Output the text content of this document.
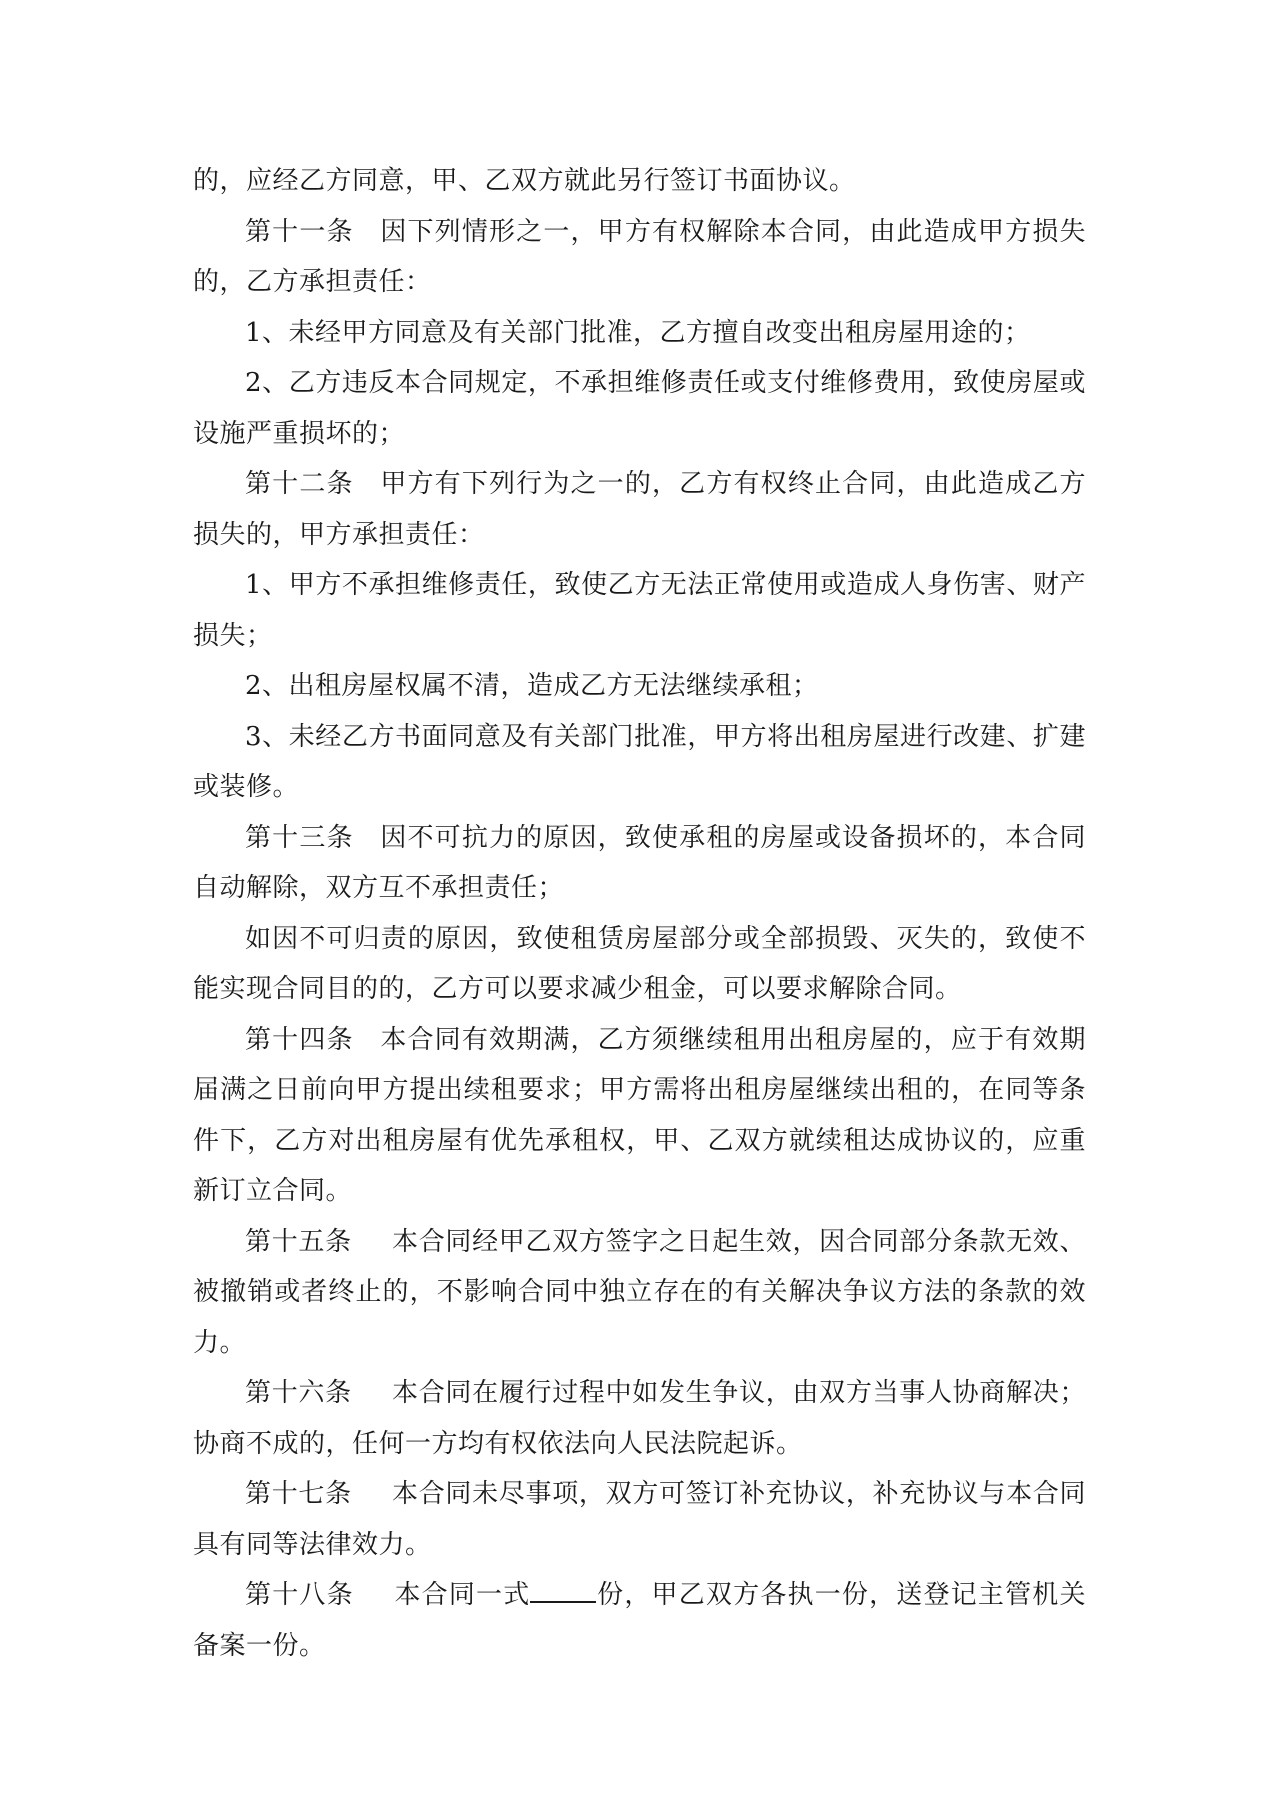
的，应经乙方同意，甲、乙双方就此另行签订书面协议。

第十一条 因下列情形之一，甲方有权解除本合同，由此造成甲方损失的，乙方承担责任：

1、未经甲方同意及有关部门批准，乙方擅自改变出租房屋用途的；

2、乙方违反本合同规定，不承担维修责任或支付维修费用，致使房屋或设施严重损坏的；

第十二条 甲方有下列行为之一的，乙方有权终止合同，由此造成乙方损失的，甲方承担责任：

1、甲方不承担维修责任，致使乙方无法正常使用或造成人身伤害、财产损失；

2、出租房屋权属不清，造成乙方无法继续承租；

3、未经乙方书面同意及有关部门批准，甲方将出租房屋进行改建、扩建或装修。

第十三条 因不可抗力的原因，致使承租的房屋或设备损坏的，本合同自动解除，双方互不承担责任；

如因不可归责的原因，致使租赁房屋部分或全部损毁、灭失的，致使不能实现合同目的的，乙方可以要求减少租金，可以要求解除合同。

第十四条 本合同有效期满，乙方须继续租用出租房屋的，应于有效期届满之日前向甲方提出续租要求；甲方需将出租房屋继续出租的，在同等条件下，乙方对出租房屋有优先承租权，甲、乙双方就续租达成协议的，应重新订立合同。

第十五条 本合同经甲乙双方签字之日起生效，因合同部分条款无效、被撤销或者终止的，不影响合同中独立存在的有关解决争议方法的条款的效力。

第十六条 本合同在履行过程中如发生争议，由双方当事人协商解决；协商不成的，任何一方均有权依法向人民法院起诉。

第十七条 本合同未尽事项，双方可签订补充协议，补充协议与本合同具有同等法律效力。

第十八条 本合同一式	份，甲乙双方各执一份，送登记主管机关备案一份。
